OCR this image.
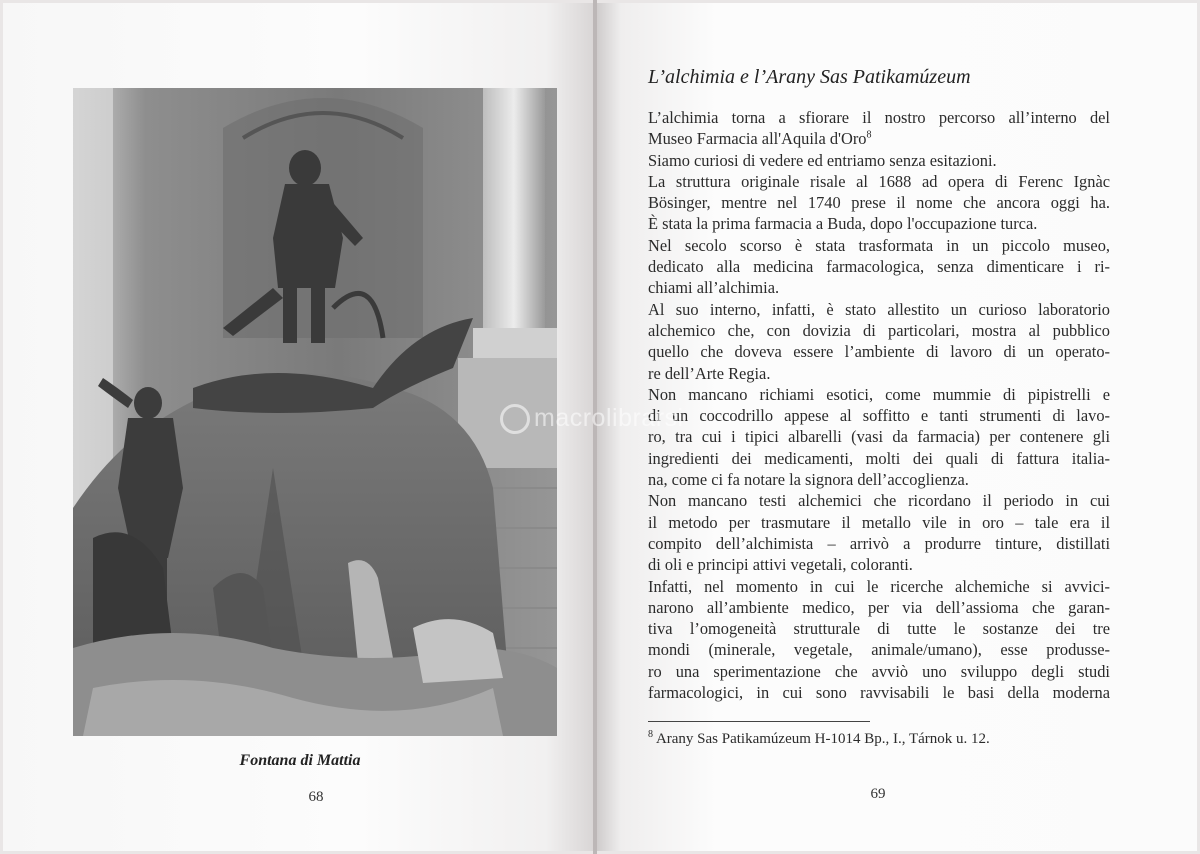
Fontana di Mattia
68
L’alchimia e l’Arany Sas Patikamúzeum
L’alchimia torna a sfiorare il nostro percorso all’interno del
Museo Farmacia all'Aquila d'Oro$^8$
Siamo curiosi di vedere ed entriamo senza esitazioni.
La struttura originale risale al 1688 ad opera di Ferenc Ignàc
Bösinger, mentre nel 1740 prese il nome che ancora oggi ha.
È stata la prima farmacia a Buda, dopo l'occupazione turca.
Nel secolo scorso è stata trasformata in un piccolo museo,
dedicato alla medicina farmacologica, senza dimenticare i ri-
chiami all’alchimia.
Al suo interno, infatti, è stato allestito un curioso laboratorio
alchemico che, con dovizia di particolari, mostra al pubblico
quello che doveva essere l’ambiente di lavoro di un operato-
re dell’Arte Regia.
Non mancano richiami esotici, come mummie di pipistrelli e
di un coccodrillo appese al soffitto e tanti strumenti di lavo-
ro, tra cui i tipici albarelli (vasi da farmacia) per contenere gli
ingredienti dei medicamenti, molti dei quali di fattura italia-
na, come ci fa notare la signora dell’accoglienza.
Non mancano testi alchemici che ricordano il periodo in cui
il metodo per trasmutare il metallo vile in oro – tale era il
compito dell’alchimista – arrivò a produrre tinture, distillati
di oli e principi attivi vegetali, coloranti.
Infatti, nel momento in cui le ricerche alchemiche si avvici-
narono all’ambiente medico, per via dell’assioma che garan-
tiva l’omogeneità strutturale di tutte le sostanze dei tre
mondi (minerale, vegetale, animale/umano), esse produsse-
ro una sperimentazione che avviò uno sviluppo degli studi
farmacologici, in cui sono ravvisabili le basi della moderna
$^8$ Arany Sas Patikamúzeum H-1014 Bp., I., Tárnok u. 12.
69
macrolibrarsi
